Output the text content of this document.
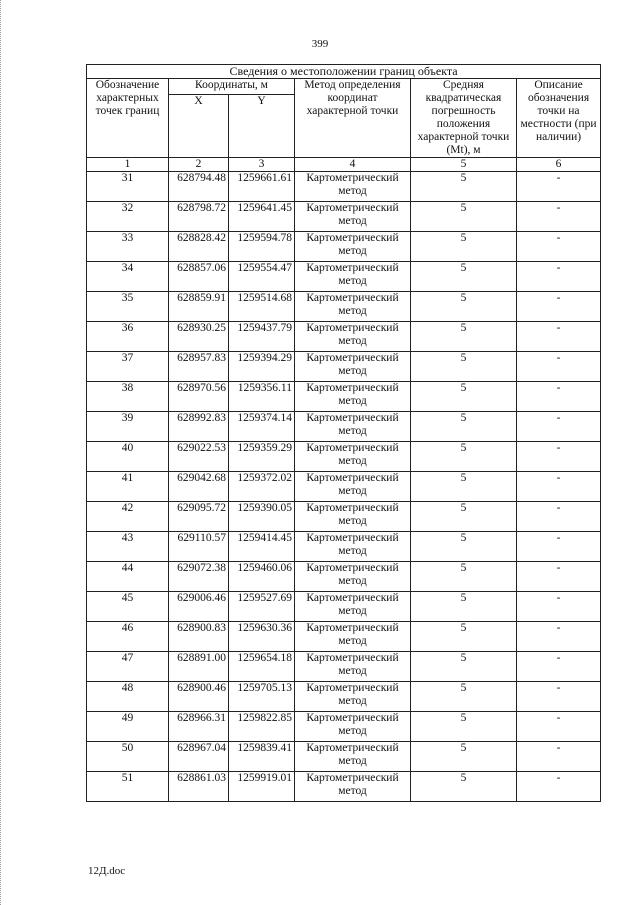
399
Сведения о местоположении границ объекта					
Обозначение характерных точек границ	Координаты, м		Метод определения координат характерной точки	Средняя квадратическая погрешность положения характерной точки (Mt), м	Описание обозначения точки на местности (при наличии)
	X	Y			
1	2	3	4	5	6
31	628794.48	1259661.61	Картометрический метод	5	-
32	628798.72	1259641.45	Картометрический метод	5	-
33	628828.42	1259594.78	Картометрический метод	5	-
34	628857.06	1259554.47	Картометрический метод	5	-
35	628859.91	1259514.68	Картометрический метод	5	-
36	628930.25	1259437.79	Картометрический метод	5	-
37	628957.83	1259394.29	Картометрический метод	5	-
38	628970.56	1259356.11	Картометрический метод	5	-
39	628992.83	1259374.14	Картометрический метод	5	-
40	629022.53	1259359.29	Картометрический метод	5	-
41	629042.68	1259372.02	Картометрический метод	5	-
42	629095.72	1259390.05	Картометрический метод	5	-
43	629110.57	1259414.45	Картометрический метод	5	-
44	629072.38	1259460.06	Картометрический метод	5	-
45	629006.46	1259527.69	Картометрический метод	5	-
46	628900.83	1259630.36	Картометрический метод	5	-
47	628891.00	1259654.18	Картометрический метод	5	-
48	628900.46	1259705.13	Картометрический метод	5	-
49	628966.31	1259822.85	Картометрический метод	5	-
50	628967.04	1259839.41	Картометрический метод	5	-
51	628861.03	1259919.01	Картометрический метод	5	-
12Д.doc
